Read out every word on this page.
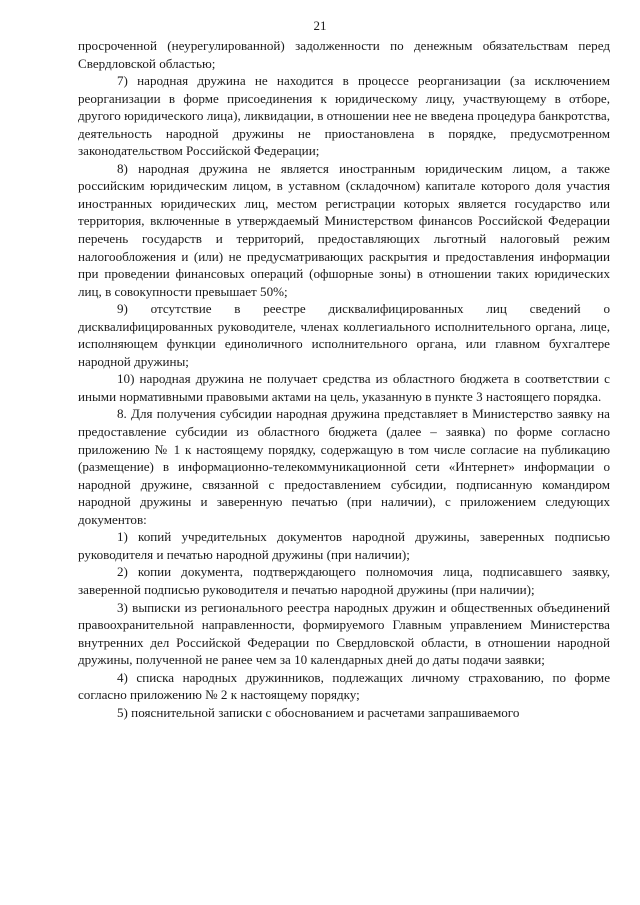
21

просроченной (неурегулированной) задолженности по денежным обязательствам перед Свердловской областью;

7) народная дружина не находится в процессе реорганизации (за исключением реорганизации в форме присоединения к юридическому лицу, участвующему в отборе, другого юридического лица), ликвидации, в отношении нее не введена процедура банкротства, деятельность народной дружины не приостановлена в порядке, предусмотренном законодательством Российской Федерации;

8) народная дружина не является иностранным юридическим лицом, а также российским юридическим лицом, в уставном (складочном) капитале которого доля участия иностранных юридических лиц, местом регистрации которых является государство или территория, включенные в утверждаемый Министерством финансов Российской Федерации перечень государств и территорий, предоставляющих льготный налоговый режим налогообложения и (или) не предусматривающих раскрытия и предоставления информации при проведении финансовых операций (офшорные зоны) в отношении таких юридических лиц, в совокупности превышает 50%;

9) отсутствие в реестре дисквалифицированных лиц сведений о дисквалифицированных руководителе, членах коллегиального исполнительного органа, лице, исполняющем функции единоличного исполнительного органа, или главном бухгалтере народной дружины;

10) народная дружина не получает средства из областного бюджета в соответствии с иными нормативными правовыми актами на цель, указанную в пункте 3 настоящего порядка.

8. Для получения субсидии народная дружина представляет в Министерство заявку на предоставление субсидии из областного бюджета (далее – заявка) по форме согласно приложению № 1 к настоящему порядку, содержащую в том числе согласие на публикацию (размещение) в информационно-телекоммуникационной сети «Интернет» информации о народной дружине, связанной с предоставлением субсидии, подписанную командиром народной дружины и заверенную печатью (при наличии), с приложением следующих документов:

1) копий учредительных документов народной дружины, заверенных подписью руководителя и печатью народной дружины (при наличии);

2) копии документа, подтверждающего полномочия лица, подписавшего заявку, заверенной подписью руководителя и печатью народной дружины (при наличии);

3) выписки из регионального реестра народных дружин и общественных объединений правоохранительной направленности, формируемого Главным управлением Министерства внутренних дел Российской Федерации по Свердловской области, в отношении народной дружины, полученной не ранее чем за 10 календарных дней до даты подачи заявки;

4) списка народных дружинников, подлежащих личному страхованию, по форме согласно приложению № 2 к настоящему порядку;

5) пояснительной записки с обоснованием и расчетами запрашиваемого
